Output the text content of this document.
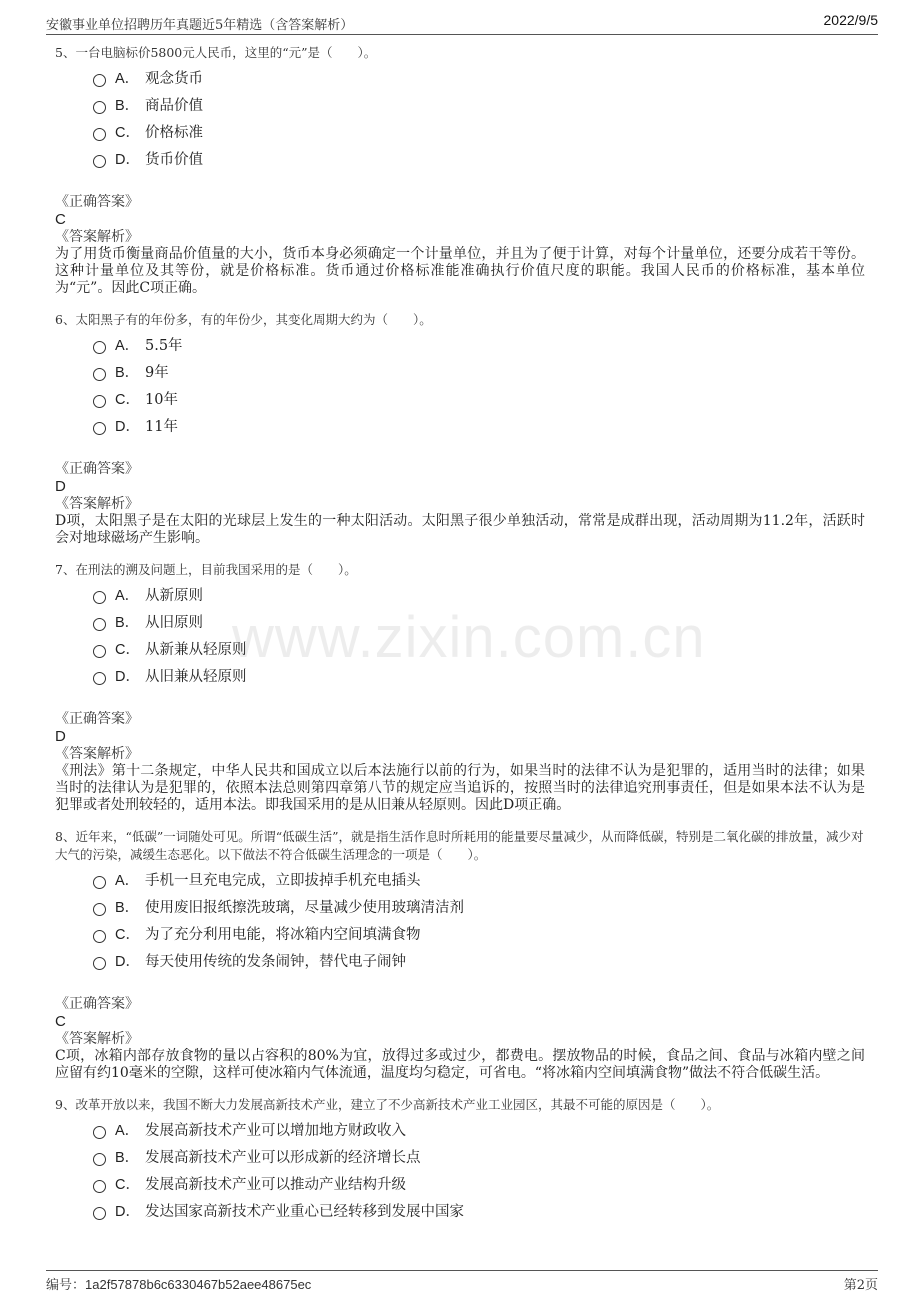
安徽事业单位招聘历年真题近5年精选（含答案解析）	2022/9/5
www.zixin.com.cn
5、一台电脑标价5800元人民币，这里的“元”是（　　）。
A． 观念货币
B． 商品价值
C． 价格标准
D． 货币价值
《正确答案》
C
《答案解析》
为了用货币衡量商品价值量的大小，货币本身必须确定一个计量单位，并且为了便于计算，对每个计量单位，还要分成若干等份。这种计量单位及其等份，就是价格标准。货币通过价格标准能准确执行价值尺度的职能。我国人民币的价格标准，基本单位为“元”。因此C项正确。
6、太阳黑子有的年份多，有的年份少，其变化周期大约为（　　）。
A． 5.5年
B． 9年
C． 10年
D． 11年
《正确答案》
D
《答案解析》
D项，太阳黑子是在太阳的光球层上发生的一种太阳活动。太阳黑子很少单独活动，常常是成群出现，活动周期为11.2年，活跃时会对地球磁场产生影响。
7、在刑法的溯及问题上，目前我国采用的是（　　）。
A． 从新原则
B． 从旧原则
C． 从新兼从轻原则
D． 从旧兼从轻原则
《正确答案》
D
《答案解析》
《刑法》第十二条规定，中华人民共和国成立以后本法施行以前的行为，如果当时的法律不认为是犯罪的，适用当时的法律；如果当时的法律认为是犯罪的，依照本法总则第四章第八节的规定应当追诉的，按照当时的法律追究刑事责任，但是如果本法不认为是犯罪或者处刑较轻的，适用本法。即我国采用的是从旧兼从轻原则。因此D项正确。
8、近年来，“低碳”一词随处可见。所谓“低碳生活”，就是指生活作息时所耗用的能量要尽量减少，从而降低碳，特别是二氧化碳的排放量，减少对大气的污染，减缓生态恶化。以下做法不符合低碳生活理念的一项是（　　）。
A． 手机一旦充电完成，立即拔掉手机充电插头
B． 使用废旧报纸擦洗玻璃，尽量减少使用玻璃清洁剂
C． 为了充分利用电能，将冰箱内空间填满食物
D． 每天使用传统的发条闹钟，替代电子闹钟
《正确答案》
C
《答案解析》
C项，冰箱内部存放食物的量以占容积的80%为宜，放得过多或过少，都费电。摆放物品的时候，食品之间、食品与冰箱内壁之间应留有约10毫米的空隙，这样可使冰箱内气体流通，温度均匀稳定，可省电。“将冰箱内空间填满食物”做法不符合低碳生活。
9、改革开放以来，我国不断大力发展高新技术产业，建立了不少高新技术产业工业园区，其最不可能的原因是（　　）。
A． 发展高新技术产业可以增加地方财政收入
B． 发展高新技术产业可以形成新的经济增长点
C． 发展高新技术产业可以推动产业结构升级
D． 发达国家高新技术产业重心已经转移到发展中国家
编号：1a2f57878b6c6330467b52aee48675ec	第2页
